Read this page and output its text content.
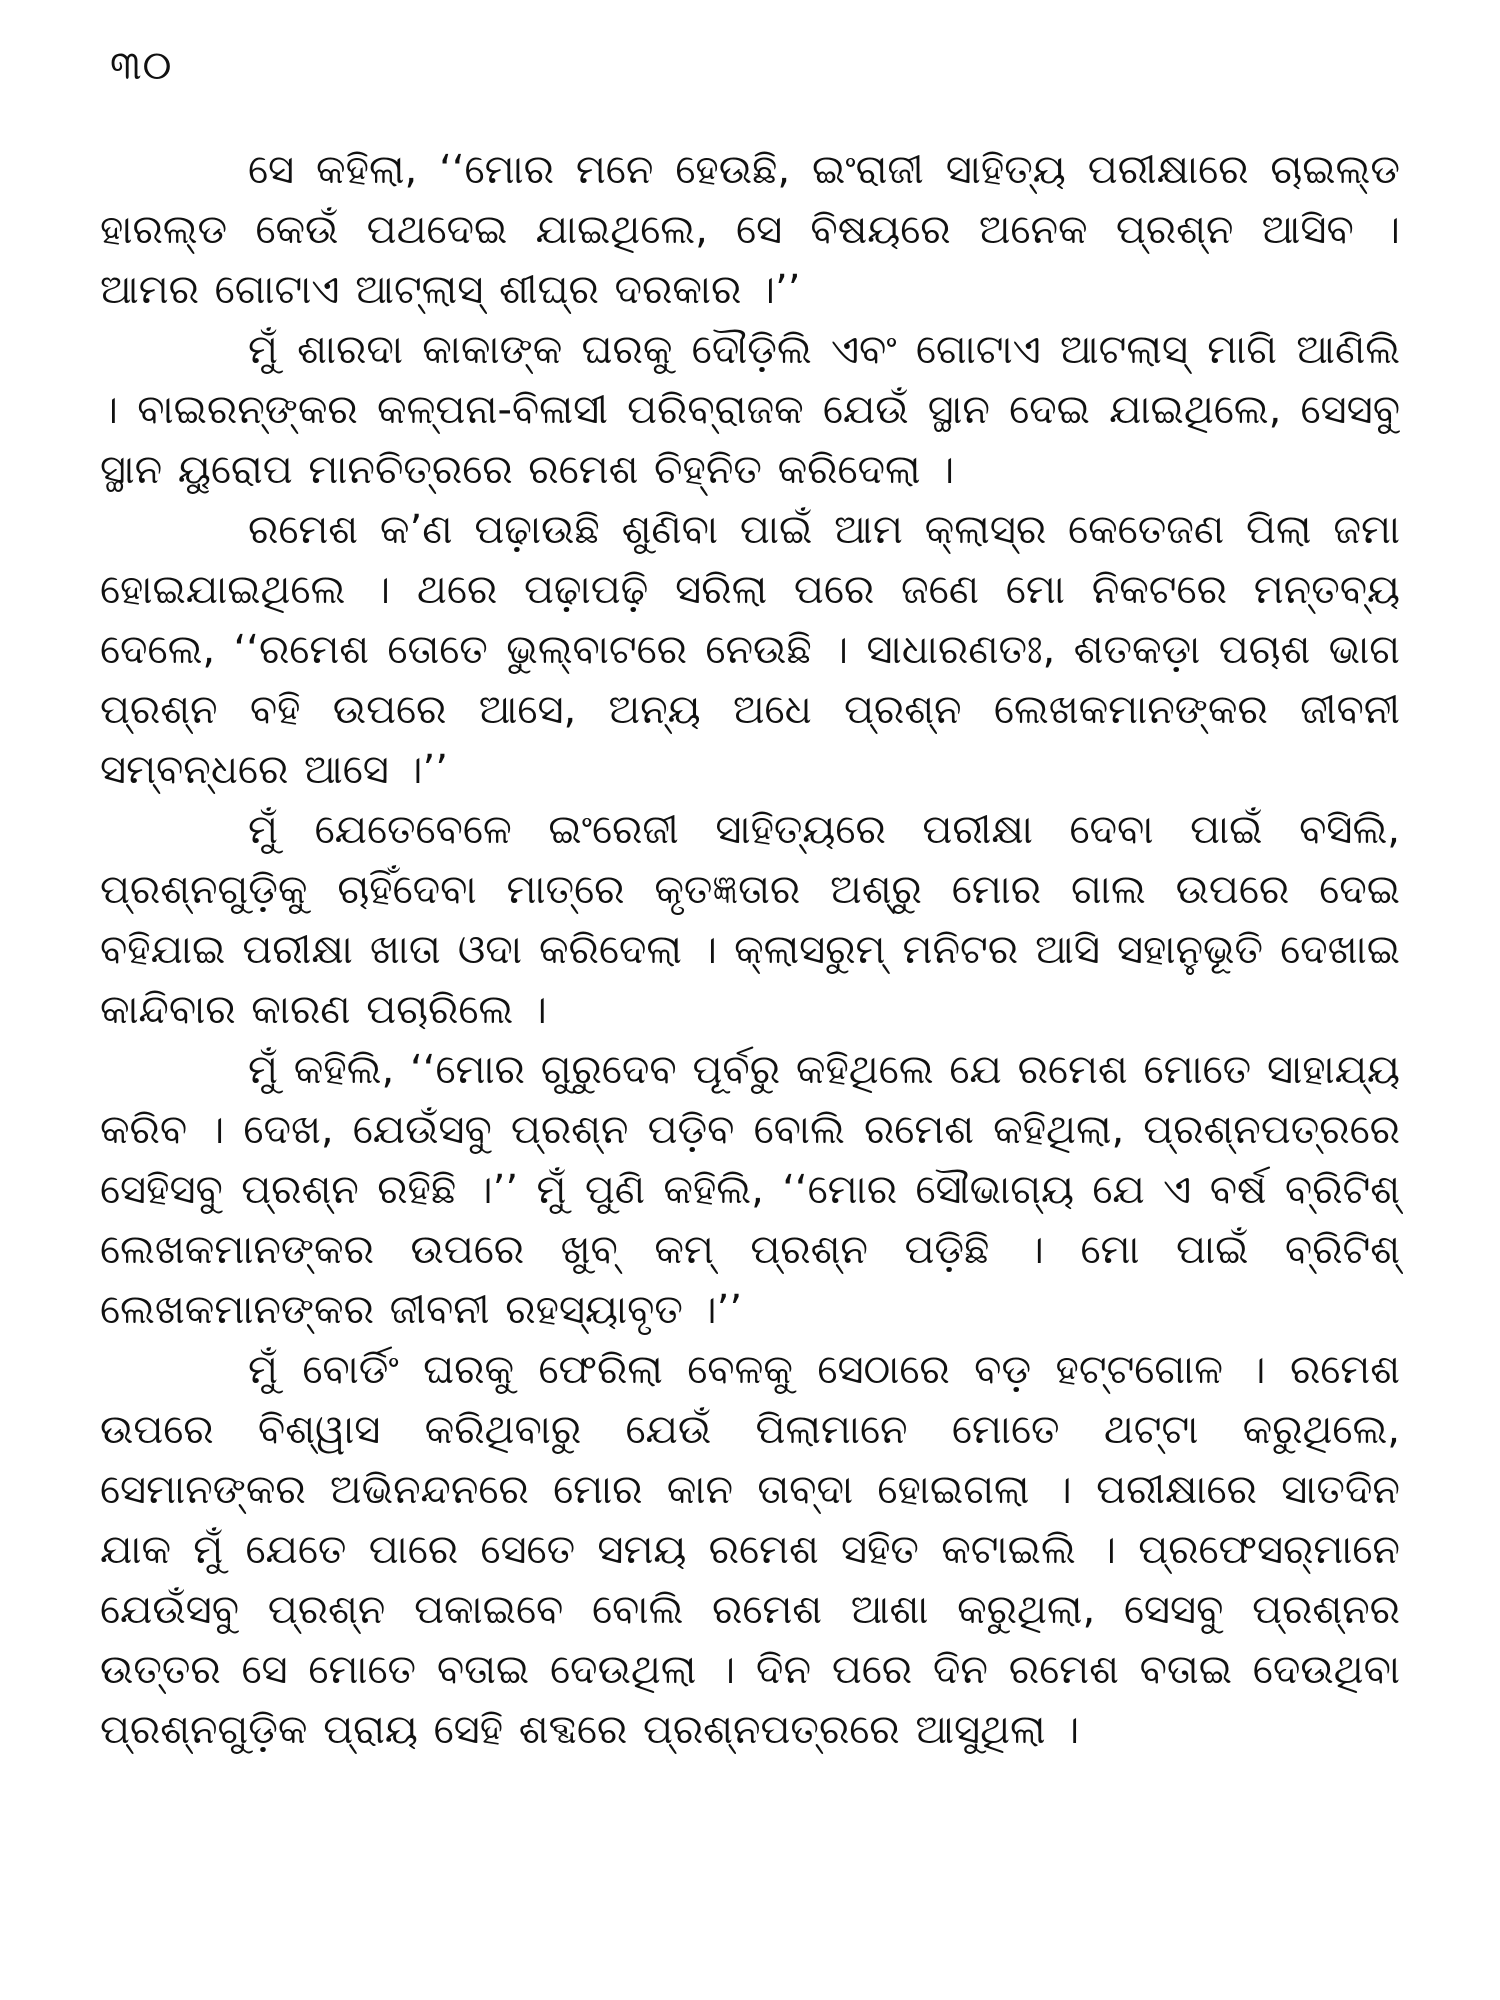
୩୦

ସେ କହିଲା, ‘‘ମୋର ମନେ ହେଉଛି, ଇଂରାଜୀ ସାହିତ୍ୟ ପରୀକ୍ଷାରେ ଚାଇଲ୍‌ଡ ହାରଲ୍‌ଡ କେଉଁ ପଥଦେଇ ଯାଇଥିଲେ, ସେ ବିଷୟରେ ଅନେକ ପ୍ରଶ୍ନ ଆସିବ । ଆମର ଗୋଟାଏ ଆଟ୍‌ଲାସ୍ ଶୀଘ୍ର ଦରକାର ।’’

ମୁଁ ଶାରଦା କାକାଙ୍କ ଘରକୁ ଦୌଡ଼ିଲି ଏବଂ ଗୋଟାଏ ଆଟଲାସ୍ ମାଗି ଆଣିଲି । ବାଇରନ୍‌ଙ୍କର କଳ୍ପନା-ବିଳାସୀ ପରିବ୍ରାଜକ ଯେଉଁ ସ୍ଥାନ ଦେଇ ଯାଇଥିଲେ, ସେସବୁ ସ୍ଥାନ ୟୁରୋପ ମାନଚିତ୍ରରେ ରମେଶ ଚିହ୍ନିତ କରିଦେଲା ।

ରମେଶ କ’ଣ ପଢ଼ାଉଛି ଶୁଣିବା ପାଇଁ ଆମ କ୍ଲାସ୍‌ର କେତେଜଣ ପିଲା ଜମା ହୋଇଯାଇଥିଲେ । ଥରେ ପଢ଼ାପଢ଼ି ସରିଲା ପରେ ଜଣେ ମୋ ନିକଟରେ ମନ୍ତବ୍ୟ ଦେଲେ, ‘‘ରମେଶ ତୋତେ ଭୁଲ୍‌ବାଟରେ ନେଉଛି । ସାଧାରଣତଃ, ଶତକଡ଼ା ପଚାଶ ଭାଗ ପ୍ରଶ୍ନ ବହି ଉପରେ ଆସେ, ଅନ୍ୟ ଅଧେ ପ୍ରଶ୍ନ ଲେଖକମାନଙ୍କର ଜୀବନୀ ସମ୍ବନ୍ଧରେ ଆସେ ।’’

ମୁଁ ଯେତେବେଳେ ଇଂରେଜୀ ସାହିତ୍ୟରେ ପରୀକ୍ଷା ଦେବା ପାଇଁ ବସିଲି, ପ୍ରଶ୍ନଗୁଡ଼ିକୁ ଚାହିଁଦେବା ମାତ୍ରେ କୃତଜ୍ଞତାର ଅଶ୍ରୁ ମୋର ଗାଲ ଉପରେ ଦେଇ ବହିଯାଇ ପରୀକ୍ଷା ଖାତା ଓଦା କରିଦେଲା । କ୍ଲାସରୁମ୍ ମନିଟର ଆସି ସହାନୁଭୂତି ଦେଖାଇ କାନ୍ଦିବାର କାରଣ ପଚାରିଲେ ।

ମୁଁ କହିଲି, ‘‘ମୋର ଗୁରୁଦେବ ପୂର୍ବରୁ କହିଥିଲେ ଯେ ରମେଶ ମୋତେ ସାହାଯ୍ୟ କରିବ । ଦେଖ, ଯେଉଁସବୁ ପ୍ରଶ୍ନ ପଡ଼ିବ ବୋଲି ରମେଶ କହିଥିଲା, ପ୍ରଶ୍ନପତ୍ରରେ ସେହିସବୁ ପ୍ରଶ୍ନ ରହିଛି ।’’ ମୁଁ ପୁଣି କହିଲି, ‘‘ମୋର ସୌଭାଗ୍ୟ ଯେ ଏ ବର୍ଷ ବ୍ରିଟିଶ୍ ଲେଖକମାନଙ୍କର ଉପରେ ଖୁବ୍ କମ୍ ପ୍ରଶ୍ନ ପଡ଼ିଛି । ମୋ ପାଇଁ ବ୍ରିଟିଶ୍ ଲେଖକମାନଙ୍କର ଜୀବନୀ ରହସ୍ୟାବୃତ ।’’

ମୁଁ ବୋର୍ଡିଂ ଘରକୁ ଫେରିଲା ବେଳକୁ ସେଠାରେ ବଡ଼ ହଟ୍ଟଗୋଳ । ରମେଶ ଉପରେ ବିଶ୍ୱାସ କରିଥିବାରୁ ଯେଉଁ ପିଲାମାନେ ମୋତେ ଥଟ୍ଟା କରୁଥିଲେ, ସେମାନଙ୍କର ଅଭିନନ୍ଦନରେ ମୋର କାନ ତାବ୍‌ଦା ହୋଇଗଲା । ପରୀକ୍ଷାରେ ସାତଦିନ ଯାକ ମୁଁ ଯେତେ ପାରେ ସେତେ ସମୟ ରମେଶ ସହିତ କଟାଇଲି । ପ୍ରଫେସର୍‌ମାନେ ଯେଉଁସବୁ ପ୍ରଶ୍ନ ପକାଇବେ ବୋଲି ରମେଶ ଆଶା କରୁଥିଲା, ସେସବୁ ପ୍ରଶ୍ନର ଉତ୍ତର ସେ ମୋତେ ବତାଇ ଦେଉଥିଲା । ଦିନ ପରେ ଦିନ ରମେଶ ବତାଇ ଦେଉଥିବା ପ୍ରଶ୍ନଗୁଡ଼ିକ ପ୍ରାୟ ସେହି ଶବ୍ଦରେ ପ୍ରଶ୍ନପତ୍ରରେ ଆସୁଥିଲା ।
